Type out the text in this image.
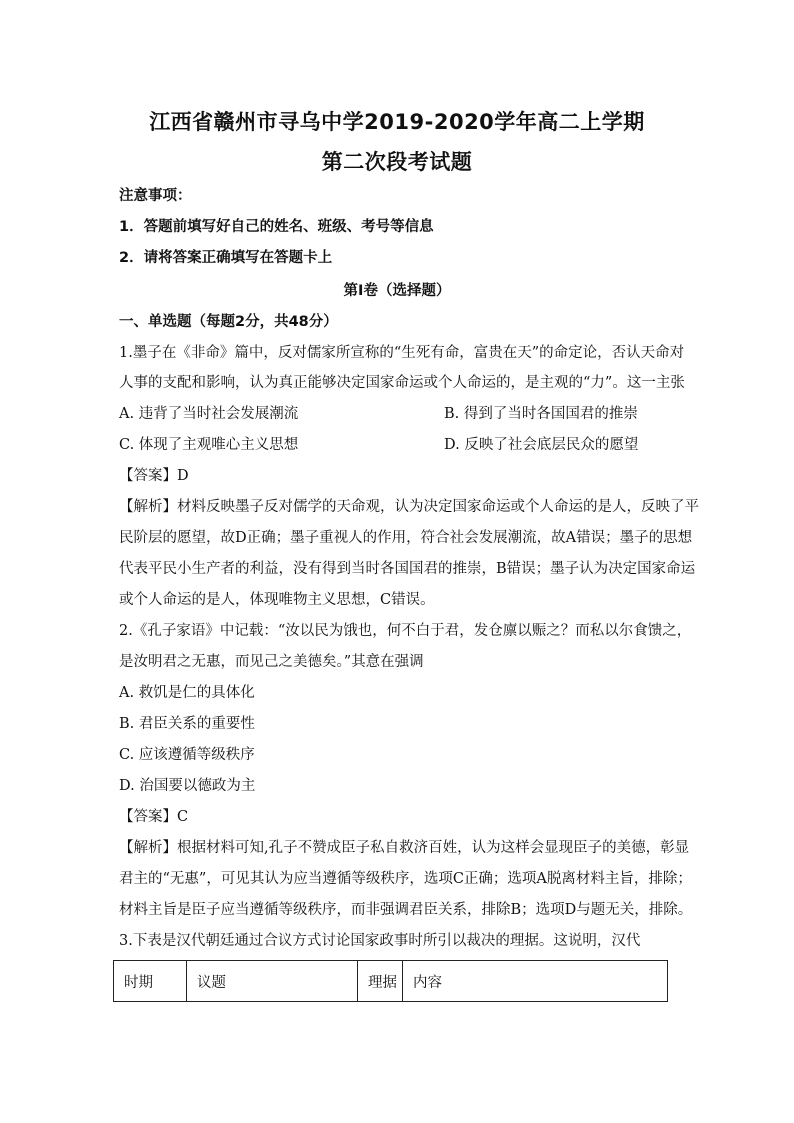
江西省赣州市寻乌中学2019-2020学年高二上学期
第二次段考试题
注意事项：
1．答题前填写好自己的姓名、班级、考号等信息
2．请将答案正确填写在答题卡上
第I卷（选择题）
一、单选题（每题2分，共48分）
1.墨子在《非命》篇中，反对儒家所宣称的“生死有命，富贵在天”的命定论，否认天命对
人事的支配和影响，认为真正能够决定国家命运或个人命运的，是主观的“力”。这一主张
A. 违背了当时社会发展潮流	B. 得到了当时各国国君的推崇
C. 体现了主观唯心主义思想	D. 反映了社会底层民众的愿望
【答案】D
【解析】材料反映墨子反对儒学的天命观，认为决定国家命运或个人命运的是人，反映了平
民阶层的愿望，故D正确；墨子重视人的作用，符合社会发展潮流，故A错误；墨子的思想
代表平民小生产者的利益，没有得到当时各国国君的推崇，B错误；墨子认为决定国家命运
或个人命运的是人，体现唯物主义思想，C错误。
2.《孔子家语》中记载：“汝以民为饿也，何不白于君，发仓廪以赈之？而私以尔食馈之，
是汝明君之无惠，而见己之美德矣。”其意在强调
A. 救饥是仁的具体化
B. 君臣关系的重要性
C. 应该遵循等级秩序
D. 治国要以德政为主
【答案】C
【解析】根据材料可知,孔子不赞成臣子私自救济百姓，认为这样会显现臣子的美德，彰显
君主的“无惠”，可见其认为应当遵循等级秩序，选项C正确；选项A脱离材料主旨，排除；
材料主旨是臣子应当遵循等级秩序，而非强调君臣关系，排除B；选项D与题无关，排除。
3.下表是汉代朝廷通过合议方式讨论国家政事时所引以裁决的理据。这说明，汉代
时期	议题	理据	内容
